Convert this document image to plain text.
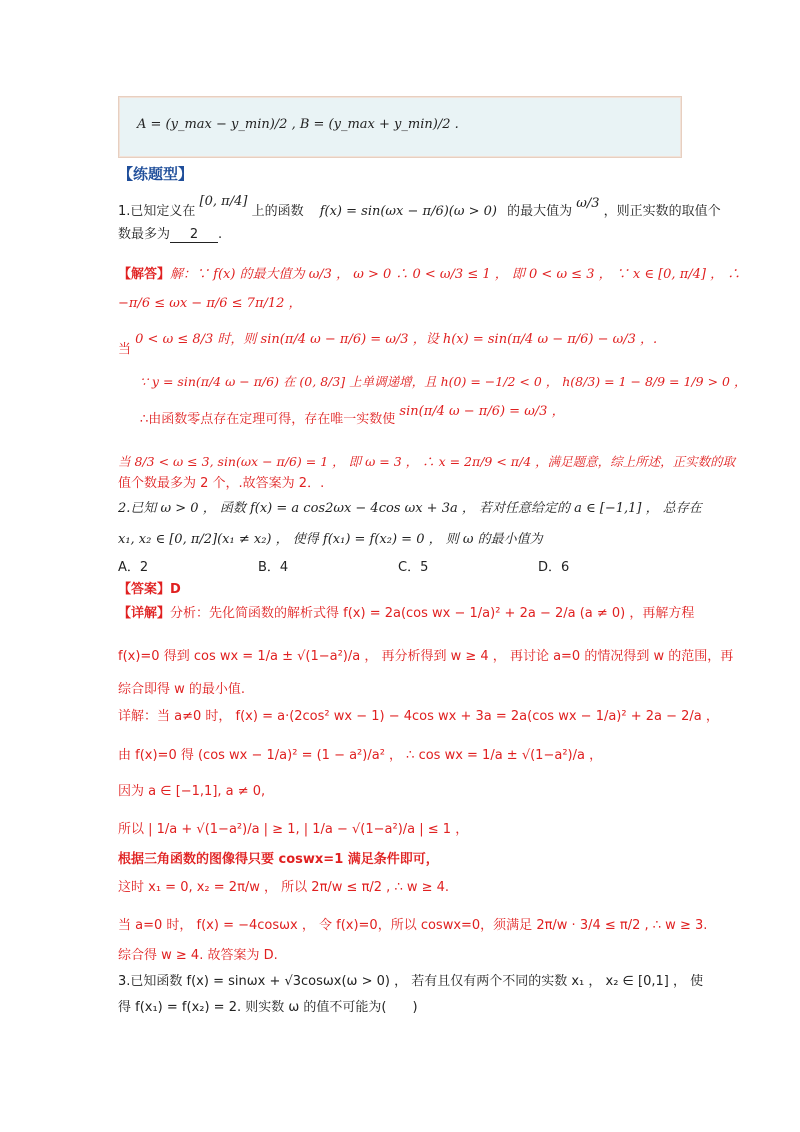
A = (y_max − y_min)/2 , B = (y_max + y_min)/2 .
【练题型】
1.已知定义在 [0, π/4] 上的函数 f(x) = sin(ωx − π/6)(ω > 0) 的最大值为 ω/3 ，则正实数的取值个
数最多为 2 .
【解答】解：∵ f(x) 的最大值为 ω/3 ， ω > 0 ∴ 0 < ω/3 ≤ 1 ， 即 0 < ω ≤ 3 ， ∵ x ∈ [0, π/4] ， ∴
−π/6 ≤ ωx − π/6 ≤ 7π/12 ，
当 0 < ω ≤ 8/3 时，则 sin(π/4 ω − π/6) = ω/3 ，设 h(x) = sin(π/4 ω − π/6) − ω/3 ，.
∵ y = sin(π/4 ω − π/6) 在 (0, 8/3] 上单调递增，且 h(0) = −1/2 < 0 ， h(8/3) = 1 − 8/9 = 1/9 > 0 ，
∴由函数零点存在定理可得，存在唯一实数使 sin(π/4 ω − π/6) = ω/3 ，
当 8/3 < ω ≤ 3, sin(ωx − π/6) = 1 ， 即 ω = 3 ， ∴ x = 2π/9 < π/4 ，满足题意，综上所述，正实数的取
值个数最多为 2 个，.故答案为 2．.
2.已知 ω > 0 ， 函数 f(x) = a cos2ωx − 4cos ωx + 3a ， 若对任意给定的 a ∈ [−1,1] ， 总存在
x₁, x₂ ∈ [0, π/2](x₁ ≠ x₂) ， 使得 f(x₁) = f(x₂) = 0 ， 则 ω 的最小值为
A．2	B．4	C．5	D．6
【答案】D
【详解】分析：先化简函数的解析式得 f(x) = 2a(cos wx − 1/a)² + 2a − 2/a (a ≠ 0) ，再解方程
f(x)=0 得到 cos wx = 1/a ± √(1−a²)/a ， 再分析得到 w ≥ 4 ， 再讨论 a=0 的情况得到 w 的范围，再
综合即得 w 的最小值.
详解：当 a≠0 时， f(x) = a·(2cos² wx − 1) − 4cos wx + 3a = 2a(cos wx − 1/a)² + 2a − 2/a ，
由 f(x)=0 得 (cos wx − 1/a)² = (1 − a²)/a² ， ∴ cos wx = 1/a ± √(1−a²)/a ，
因为 a ∈ [−1,1], a ≠ 0,
所以 | 1/a + √(1−a²)/a | ≥ 1, | 1/a − √(1−a²)/a | ≤ 1 ，
根据三角函数的图像得只要 coswx=1 满足条件即可，
这时 x₁ = 0, x₂ = 2π/w ， 所以 2π/w ≤ π/2 , ∴ w ≥ 4.
当 a=0 时， f(x) = −4cosωx ， 令 f(x)=0，所以 coswx=0，须满足 2π/w · 3/4 ≤ π/2 , ∴ w ≥ 3.
综合得 w ≥ 4. 故答案为 D.
3.已知函数 f(x) = sinωx + √3cosωx(ω > 0) ， 若有且仅有两个不同的实数 x₁ ， x₂ ∈ [0,1] ， 使
得 f(x₁) = f(x₂) = 2. 则实数 ω 的值不可能为(　　)
